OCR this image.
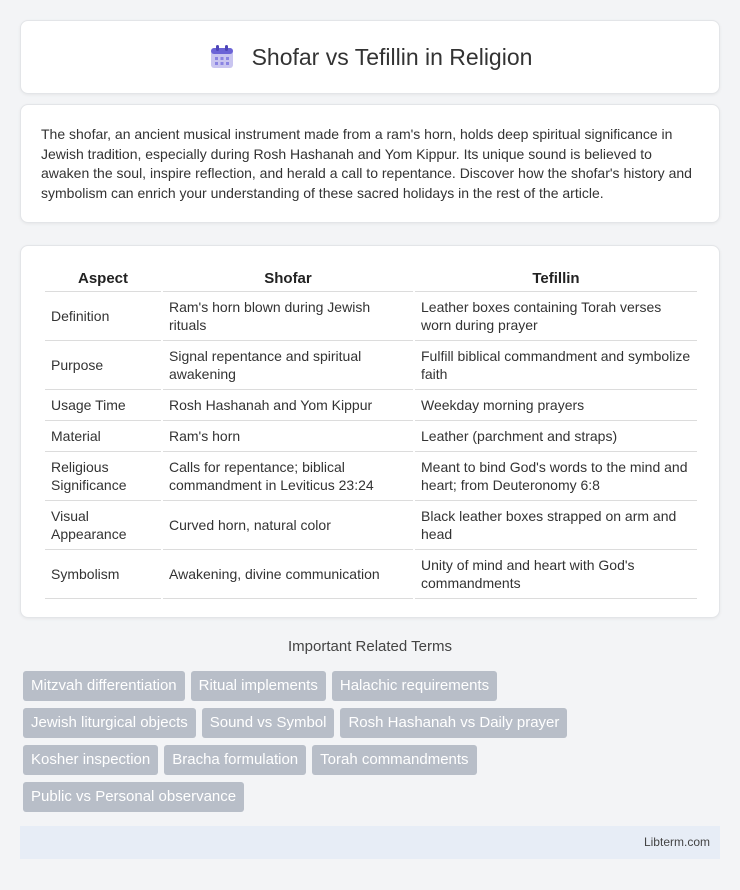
Shofar vs Tefillin in Religion

The shofar, an ancient musical instrument made from a ram's horn, holds deep spiritual significance in Jewish tradition, especially during Rosh Hashanah and Yom Kippur. Its unique sound is believed to awaken the soul, inspire reflection, and herald a call to repentance. Discover how the shofar's history and symbolism can enrich your understanding of these sacred holidays in the rest of the article.

Aspect	Shofar	Tefillin
Definition	Ram's horn blown during Jewish rituals	Leather boxes containing Torah verses worn during prayer
Purpose	Signal repentance and spiritual awakening	Fulfill biblical commandment and symbolize faith
Usage Time	Rosh Hashanah and Yom Kippur	Weekday morning prayers
Material	Ram's horn	Leather (parchment and straps)
Religious Significance	Calls for repentance; biblical commandment in Leviticus 23:24	Meant to bind God's words to the mind and heart; from Deuteronomy 6:8
Visual Appearance	Curved horn, natural color	Black leather boxes strapped on arm and head
Symbolism	Awakening, divine communication	Unity of mind and heart with God's commandments
Important Related Terms
Mitzvah differentiation	Ritual implements	Halachic requirements
Jewish liturgical objects	Sound vs Symbol	Rosh Hashanah vs Daily prayer
Kosher inspection	Bracha formulation	Torah commandments
Public vs Personal observance
Libterm.com
